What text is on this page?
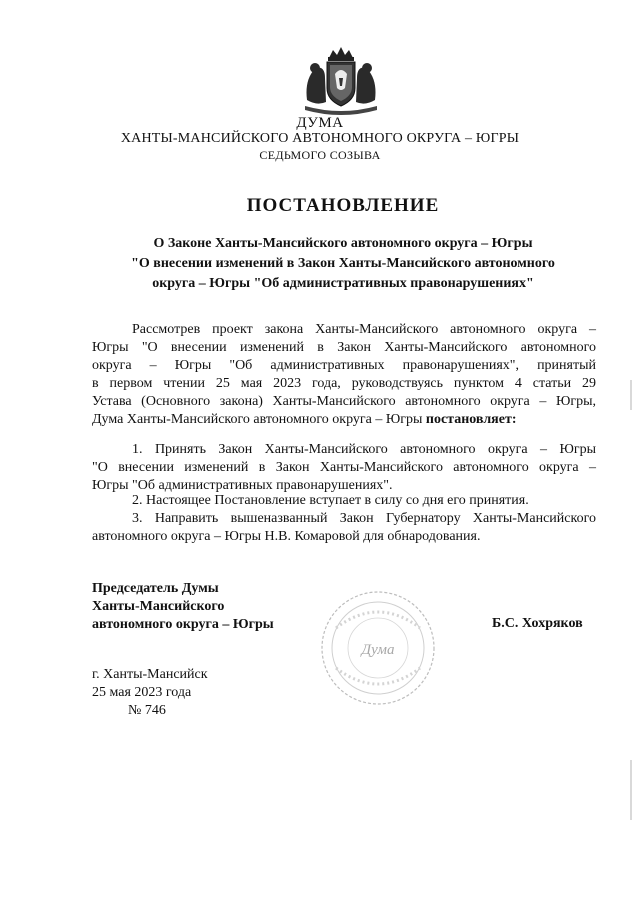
ДУМА
ХАНТЫ-МАНСИЙСКОГО АВТОНОМНОГО ОКРУГА – ЮГРЫ
СЕДЬМОГО СОЗЫВА
ПОСТАНОВЛЕНИЕ
О Законе Ханты-Мансийского автономного округа – Югры
"О внесении изменений в Закон Ханты-Мансийского автономного
округа – Югры "Об административных правонарушениях"
Рассмотрев проект закона Ханты-Мансийского автономного округа –
Югры "О внесении изменений в Закон Ханты-Мансийского автономного
округа – Югры "Об административных правонарушениях", принятый
в первом чтении 25 мая 2023 года, руководствуясь пунктом 4 статьи 29
Устава (Основного закона) Ханты-Мансийского автономного округа – Югры,
Дума Ханты-Мансийского автономного округа – Югры постановляет:
1. Принять Закон Ханты-Мансийского автономного округа – Югры
"О внесении изменений в Закон Ханты-Мансийского автономного округа –
Югры "Об административных правонарушениях".
2. Настоящее Постановление вступает в силу со дня его принятия.
3. Направить вышеназванный Закон Губернатору Ханты-Мансийского
автономного округа – Югры Н.В. Комаровой для обнародования.
Председатель Думы
Ханты-Мансийского
автономного округа – Югры
Дума
Б.С. Хохряков
г. Ханты-Мансийск
25 мая 2023 года
№ 746
